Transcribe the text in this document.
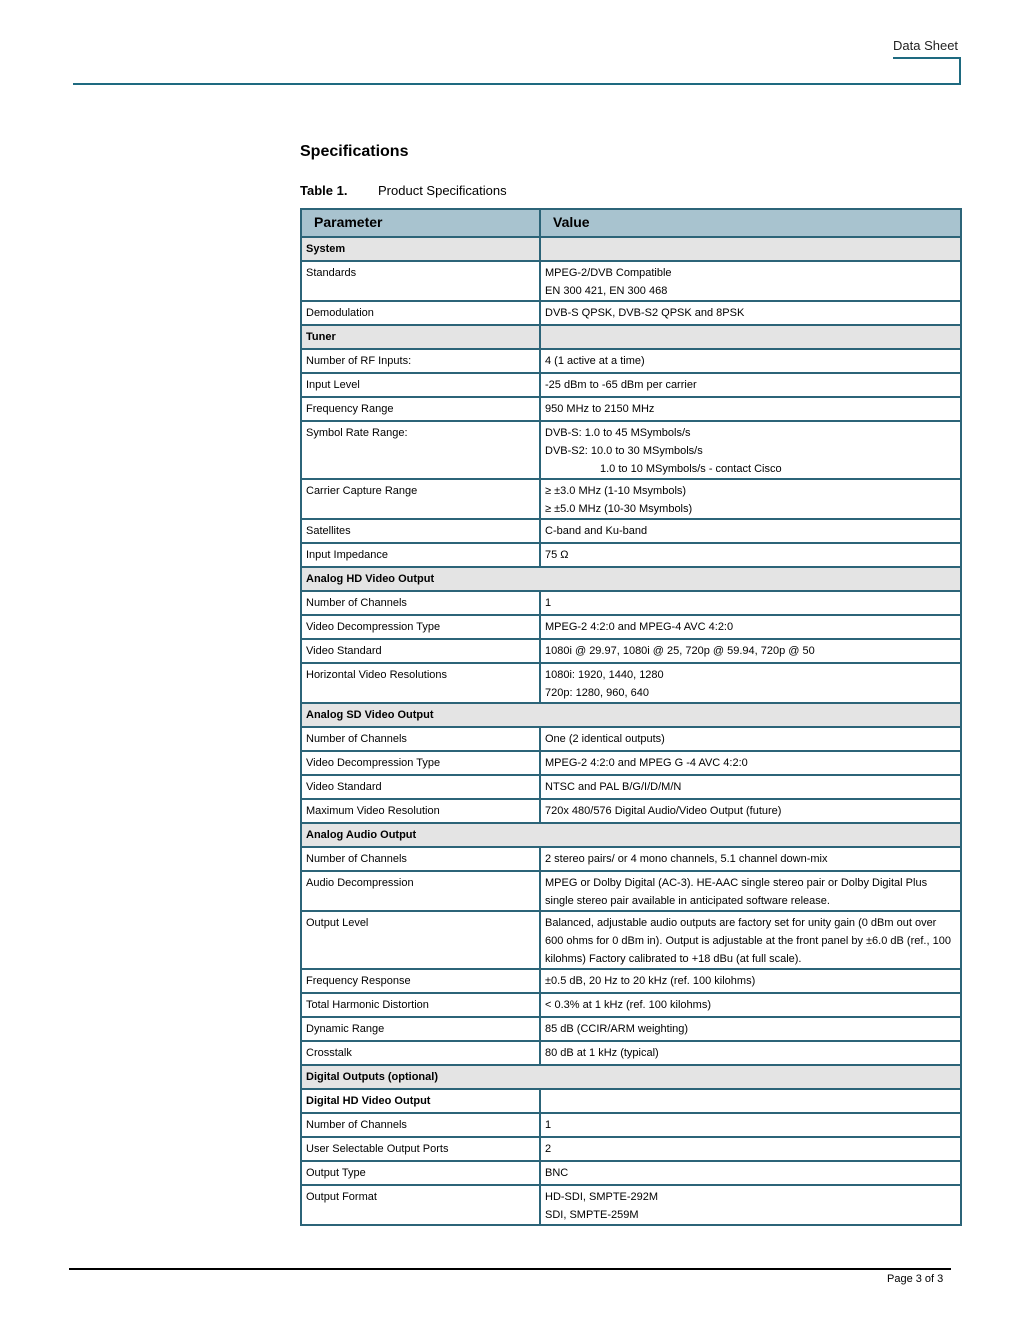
Data Sheet
Specifications
Table 1. Product Specifications
Parameter	Value
System	
Standards	MPEG-2/DVB Compatible
EN 300 421, EN 300 468

Demodulation	DVB-S QPSK, DVB-S2 QPSK and 8PSK

Tuner	
Number of RF Inputs:	4 (1 active at a time)

Input Level	-25 dBm to -65 dBm per carrier

Frequency Range	950 MHz to 2150 MHz

Symbol Rate Range:	DVB-S: 1.0 to 45 MSymbols/s
DVB-S2: 10.0 to 30 MSymbols/s
1.0 to 10 MSymbols/s - contact Cisco

Carrier Capture Range	≥ ±3.0 MHz (1-10 Msymbols)
≥ ±5.0 MHz (10-30 Msymbols)

Satellites	C-band and Ku-band

Input Impedance	75 Ω

Analog HD Video Output	
Number of Channels	1

Video Decompression Type	MPEG-2 4:2:0 and MPEG-4 AVC 4:2:0

Video Standard	1080i @ 29.97, 1080i @ 25, 720p @ 59.94, 720p @ 50

Horizontal Video Resolutions	1080i: 1920, 1440, 1280
720p: 1280, 960, 640

Analog SD Video Output	
Number of Channels	One (2 identical outputs)

Video Decompression Type	MPEG-2 4:2:0 and MPEG G -4 AVC 4:2:0

Video Standard	NTSC and PAL B/G/I/D/M/N

Maximum Video Resolution	720x 480/576 Digital Audio/Video Output (future)

Analog Audio Output	
Number of Channels	2 stereo pairs/ or 4 mono channels, 5.1 channel down-mix

Audio Decompression	MPEG or Dolby Digital (AC-3). HE-AAC single stereo pair or Dolby Digital Plus single stereo pair available in anticipated software release.

Output Level	Balanced, adjustable audio outputs are factory set for unity gain (0 dBm out over 600 ohms for 0 dBm in). Output is adjustable at the front panel by ±6.0 dB (ref., 100 kilohms) Factory calibrated to +18 dBu (at full scale).

Frequency Response	±0.5 dB, 20 Hz to 20 kHz (ref. 100 kilohms)

Total Harmonic Distortion	< 0.3% at 1 kHz (ref. 100 kilohms)

Dynamic Range	85 dB (CCIR/ARM weighting)

Crosstalk	80 dB at 1 kHz (typical)

Digital Outputs (optional)	
Digital HD Video Output	
Number of Channels	1

User Selectable Output Ports	2

Output Type	BNC

Output Format	HD-SDI, SMPTE-292M
SDI, SMPTE-259M
Page 3 of 3
